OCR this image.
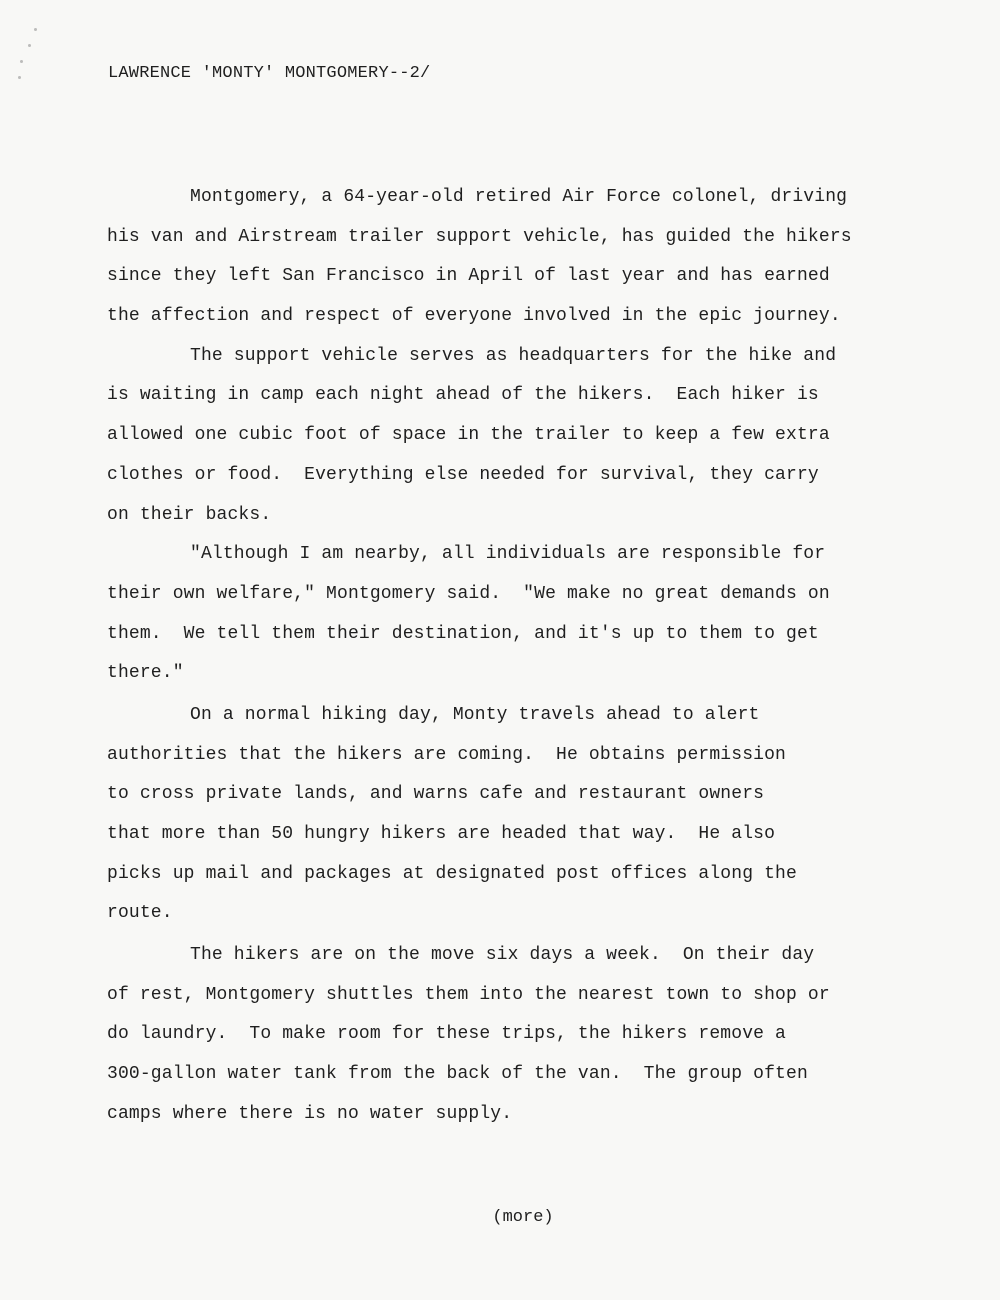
LAWRENCE 'MONTY' MONTGOMERY--2/
Montgomery, a 64-year-old retired Air Force colonel, driving
his van and Airstream trailer support vehicle, has guided the hikers
since they left San Francisco in April of last year and has earned
the affection and respect of everyone involved in the epic journey.
The support vehicle serves as headquarters for the hike and
is waiting in camp each night ahead of the hikers.  Each hiker is
allowed one cubic foot of space in the trailer to keep a few extra
clothes or food.  Everything else needed for survival, they carry
on their backs.
"Although I am nearby, all individuals are responsible for
their own welfare," Montgomery said.  "We make no great demands on
them.  We tell them their destination, and it's up to them to get
there."
On a normal hiking day, Monty travels ahead to alert
authorities that the hikers are coming.  He obtains permission
to cross private lands, and warns cafe and restaurant owners
that more than 50 hungry hikers are headed that way.  He also
picks up mail and packages at designated post offices along the
route.
The hikers are on the move six days a week.  On their day
of rest, Montgomery shuttles them into the nearest town to shop or
do laundry.  To make room for these trips, the hikers remove a
300-gallon water tank from the back of the van.  The group often
camps where there is no water supply.
(more)
